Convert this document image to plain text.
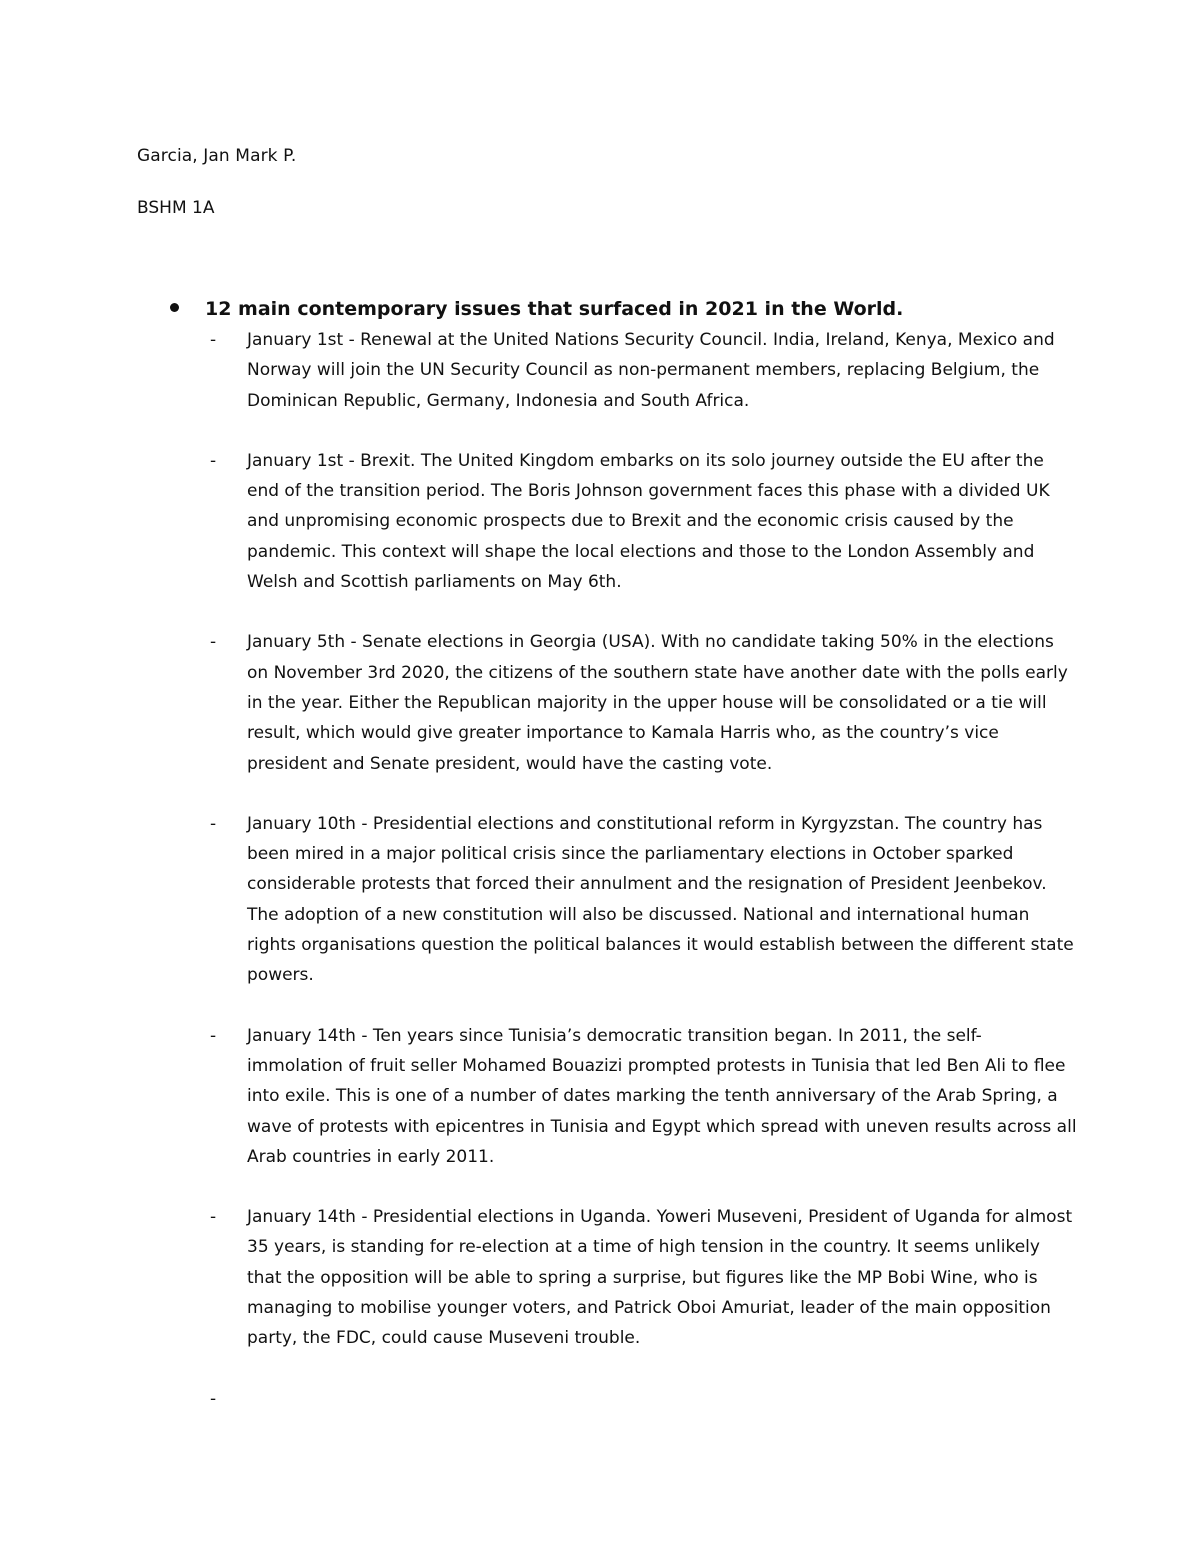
Garcia, Jan Mark P.
BSHM 1A
12 main contemporary issues that surfaced in 2021 in the World.
-	January 1st - Renewal at the United Nations Security Council. India, Ireland, Kenya, Mexico and Norway will join the UN Security Council as non-permanent members, replacing Belgium, the Dominican Republic, Germany, Indonesia and South Africa.
-	January 1st - Brexit. The United Kingdom embarks on its solo journey outside the EU after the end of the transition period. The Boris Johnson government faces this phase with a divided UK and unpromising economic prospects due to Brexit and the economic crisis caused by the pandemic. This context will shape the local elections and those to the London Assembly and Welsh and Scottish parliaments on May 6th.
-	January 5th - Senate elections in Georgia (USA). With no candidate taking 50% in the elections on November 3rd 2020, the citizens of the southern state have another date with the polls early in the year. Either the Republican majority in the upper house will be consolidated or a tie will result, which would give greater importance to Kamala Harris who, as the country’s vice president and Senate president, would have the casting vote.
-	January 10th - Presidential elections and constitutional reform in Kyrgyzstan. The country has been mired in a major political crisis since the parliamentary elections in October sparked considerable protests that forced their annulment and the resignation of President Jeenbekov. The adoption of a new constitution will also be discussed. National and international human rights organisations question the political balances it would establish between the different state powers.
-	January 14th - Ten years since Tunisia’s democratic transition began. In 2011, the self-immolation of fruit seller Mohamed Bouazizi prompted protests in Tunisia that led Ben Ali to flee into exile. This is one of a number of dates marking the tenth anniversary of the Arab Spring, a wave of protests with epicentres in Tunisia and Egypt which spread with uneven results across all Arab countries in early 2011.
-	January 14th - Presidential elections in Uganda. Yoweri Museveni, President of Uganda for almost 35 years, is standing for re-election at a time of high tension in the country. It seems unlikely that the opposition will be able to spring a surprise, but figures like the MP Bobi Wine, who is managing to mobilise younger voters, and Patrick Oboi Amuriat, leader of the main opposition party, the FDC, could cause Museveni trouble.
-
